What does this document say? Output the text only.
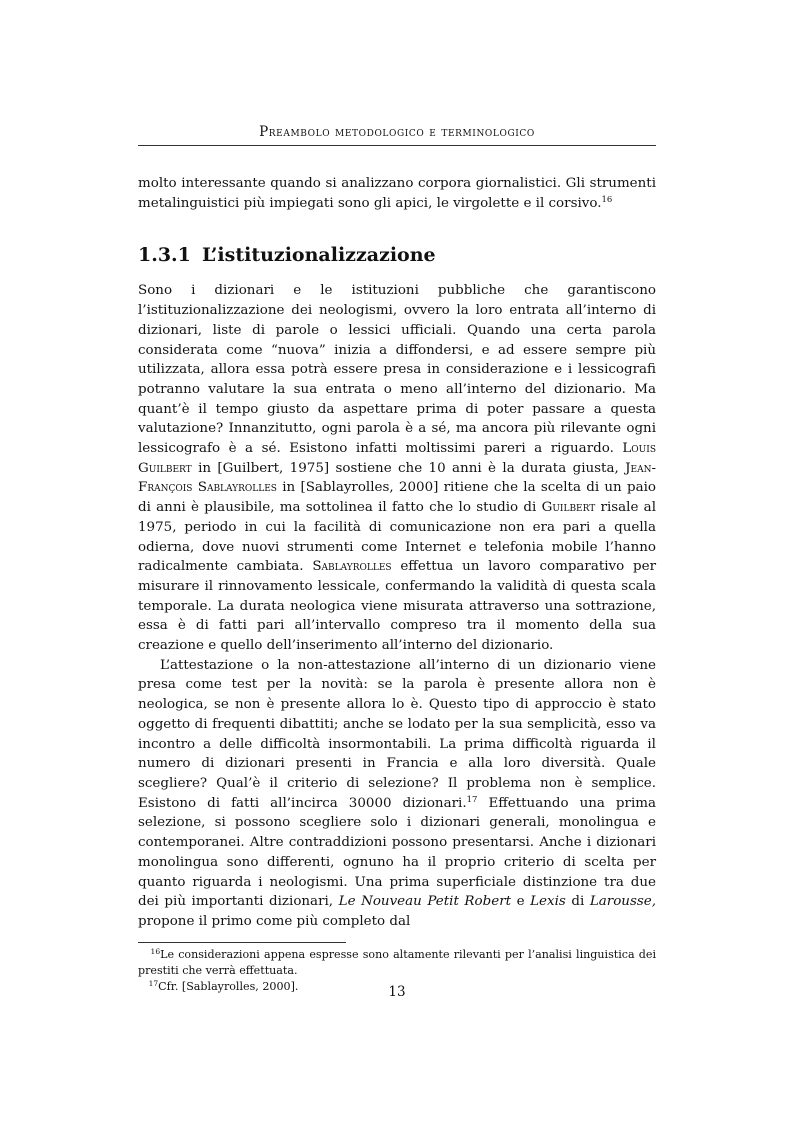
Preambolo metodologico e terminologico

molto interessante quando si analizzano corpora giornalistici. Gli strumenti metalinguistici più impiegati sono gli apici, le virgolette e il corsivo.$^{16}$

1.3.1 L’istituzionalizzazione

Sono i dizionari e le istituzioni pubbliche che garantiscono l’istituzionalizzazione dei neologismi, ovvero la loro entrata all’interno di dizionari, liste di parole o lessici ufficiali. Quando una certa parola considerata come “nuova” inizia a diffondersi, e ad essere sempre più utilizzata, allora essa potrà essere presa in considerazione e i lessicografi potranno valutare la sua entrata o meno all’interno del dizionario. Ma quant’è il tempo giusto da aspettare prima di poter passare a questa valutazione? Innanzitutto, ogni parola è a sé, ma ancora più rilevante ogni lessicografo è a sé. Esistono infatti moltissimi pareri a riguardo. Louis Guilbert in [Guilbert, 1975] sostiene che 10 anni è la durata giusta, Jean-François Sablayrolles in [Sablayrolles, 2000] ritiene che la scelta di un paio di anni è plausibile, ma sottolinea il fatto che lo studio di Guilbert risale al 1975, periodo in cui la facilità di comunicazione non era pari a quella odierna, dove nuovi strumenti come Internet e telefonia mobile l’hanno radicalmente cambiata. Sablayrolles effettua un lavoro comparativo per misurare il rinnovamento lessicale, confermando la validità di questa scala temporale. La durata neologica viene misurata attraverso una sottrazione, essa è di fatti pari all’intervallo compreso tra il momento della sua creazione e quello dell’inserimento all’interno del dizionario.

L’attestazione o la non-attestazione all’interno di un dizionario viene presa come test per la novità: se la parola è presente allora non è neologica, se non è presente allora lo è. Questo tipo di approccio è stato oggetto di frequenti dibattiti; anche se lodato per la sua semplicità, esso va incontro a delle difficoltà insormontabili. La prima difficoltà riguarda il numero di dizionari presenti in Francia e alla loro diversità. Quale scegliere? Qual’è il criterio di selezione? Il problema non è semplice. Esistono di fatti all’incirca 30000 dizionari.$^{17}$ Effettuando una prima selezione, si possono scegliere solo i dizionari generali, monolingua e contemporanei. Altre contraddizioni possono presentarsi. Anche i dizionari monolingua sono differenti, ognuno ha il proprio criterio di scelta per quanto riguarda i neologismi. Una prima superficiale distinzione tra due dei più importanti dizionari, Le Nouveau Petit Robert e Lexis di Larousse, propone il primo come più completo dal

$^{16}$Le considerazioni appena espresse sono altamente rilevanti per l’analisi linguistica dei prestiti che verrà effettuata.

$^{17}$Cfr. [Sablayrolles, 2000].	13
